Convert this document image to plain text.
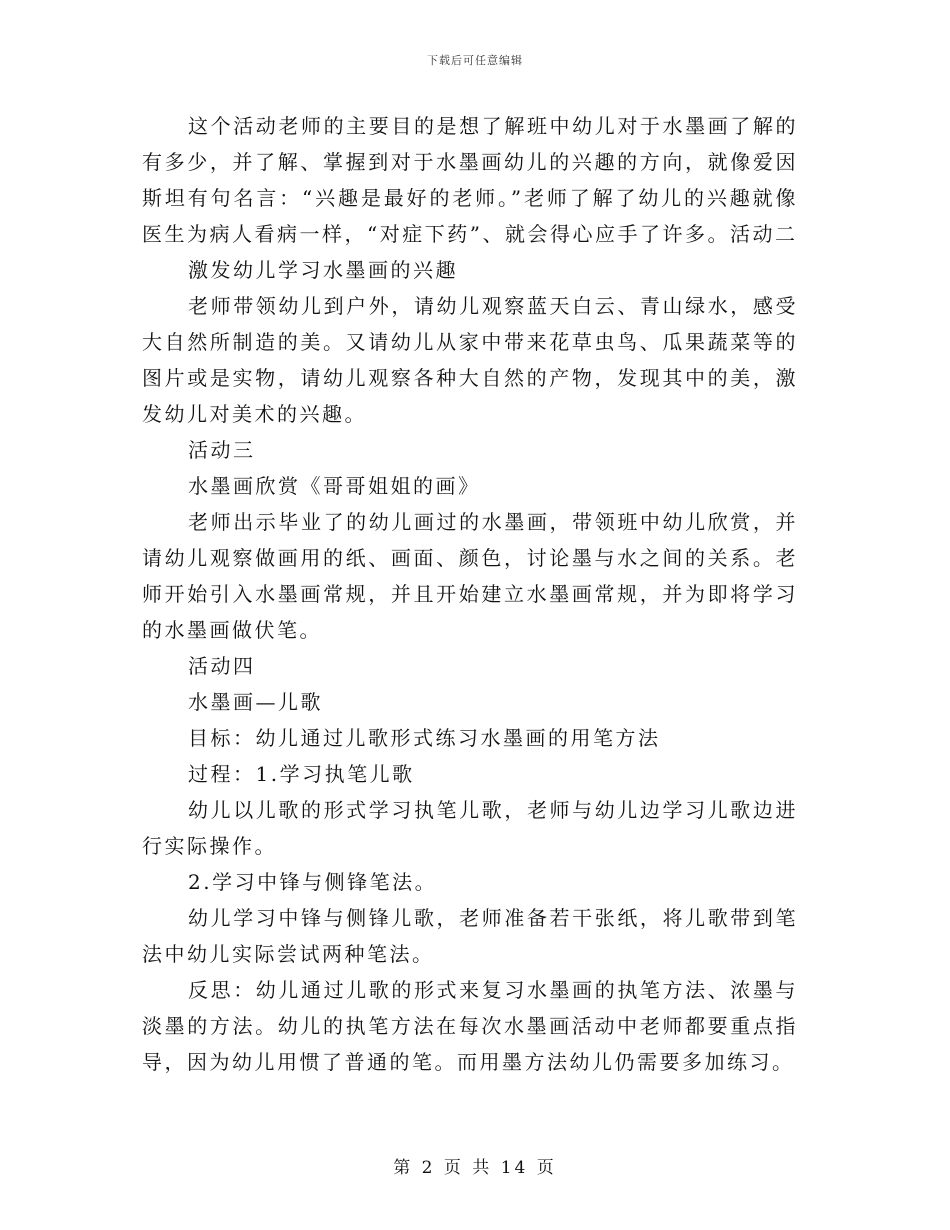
下载后可任意编辑

这个活动老师的主要目的是想了解班中幼儿对于水墨画了解的有多少，并了解、掌握到对于水墨画幼儿的兴趣的方向，就像爱因斯坦有句名言：“兴趣是最好的老师。”老师了解了幼儿的兴趣就像医生为病人看病一样，“对症下药”、就会得心应手了许多。活动二

激发幼儿学习水墨画的兴趣

老师带领幼儿到户外，请幼儿观察蓝天白云、青山绿水，感受大自然所制造的美。又请幼儿从家中带来花草虫鸟、瓜果蔬菜等的图片或是实物，请幼儿观察各种大自然的产物，发现其中的美，激发幼儿对美术的兴趣。

活动三

水墨画欣赏《哥哥姐姐的画》

老师出示毕业了的幼儿画过的水墨画，带领班中幼儿欣赏，并请幼儿观察做画用的纸、画面、颜色，讨论墨与水之间的关系。老师开始引入水墨画常规，并且开始建立水墨画常规，并为即将学习的水墨画做伏笔。

活动四

水墨画—儿歌

目标：幼儿通过儿歌形式练习水墨画的用笔方法

过程：1.学习执笔儿歌

幼儿以儿歌的形式学习执笔儿歌，老师与幼儿边学习儿歌边进行实际操作。

2.学习中锋与侧锋笔法。

幼儿学习中锋与侧锋儿歌，老师准备若干张纸，将儿歌带到笔法中幼儿实际尝试两种笔法。

反思：幼儿通过儿歌的形式来复习水墨画的执笔方法、浓墨与淡墨的方法。幼儿的执笔方法在每次水墨画活动中老师都要重点指导，因为幼儿用惯了普通的笔。而用墨方法幼儿仍需要多加练习。

第 2 页 共 14 页
